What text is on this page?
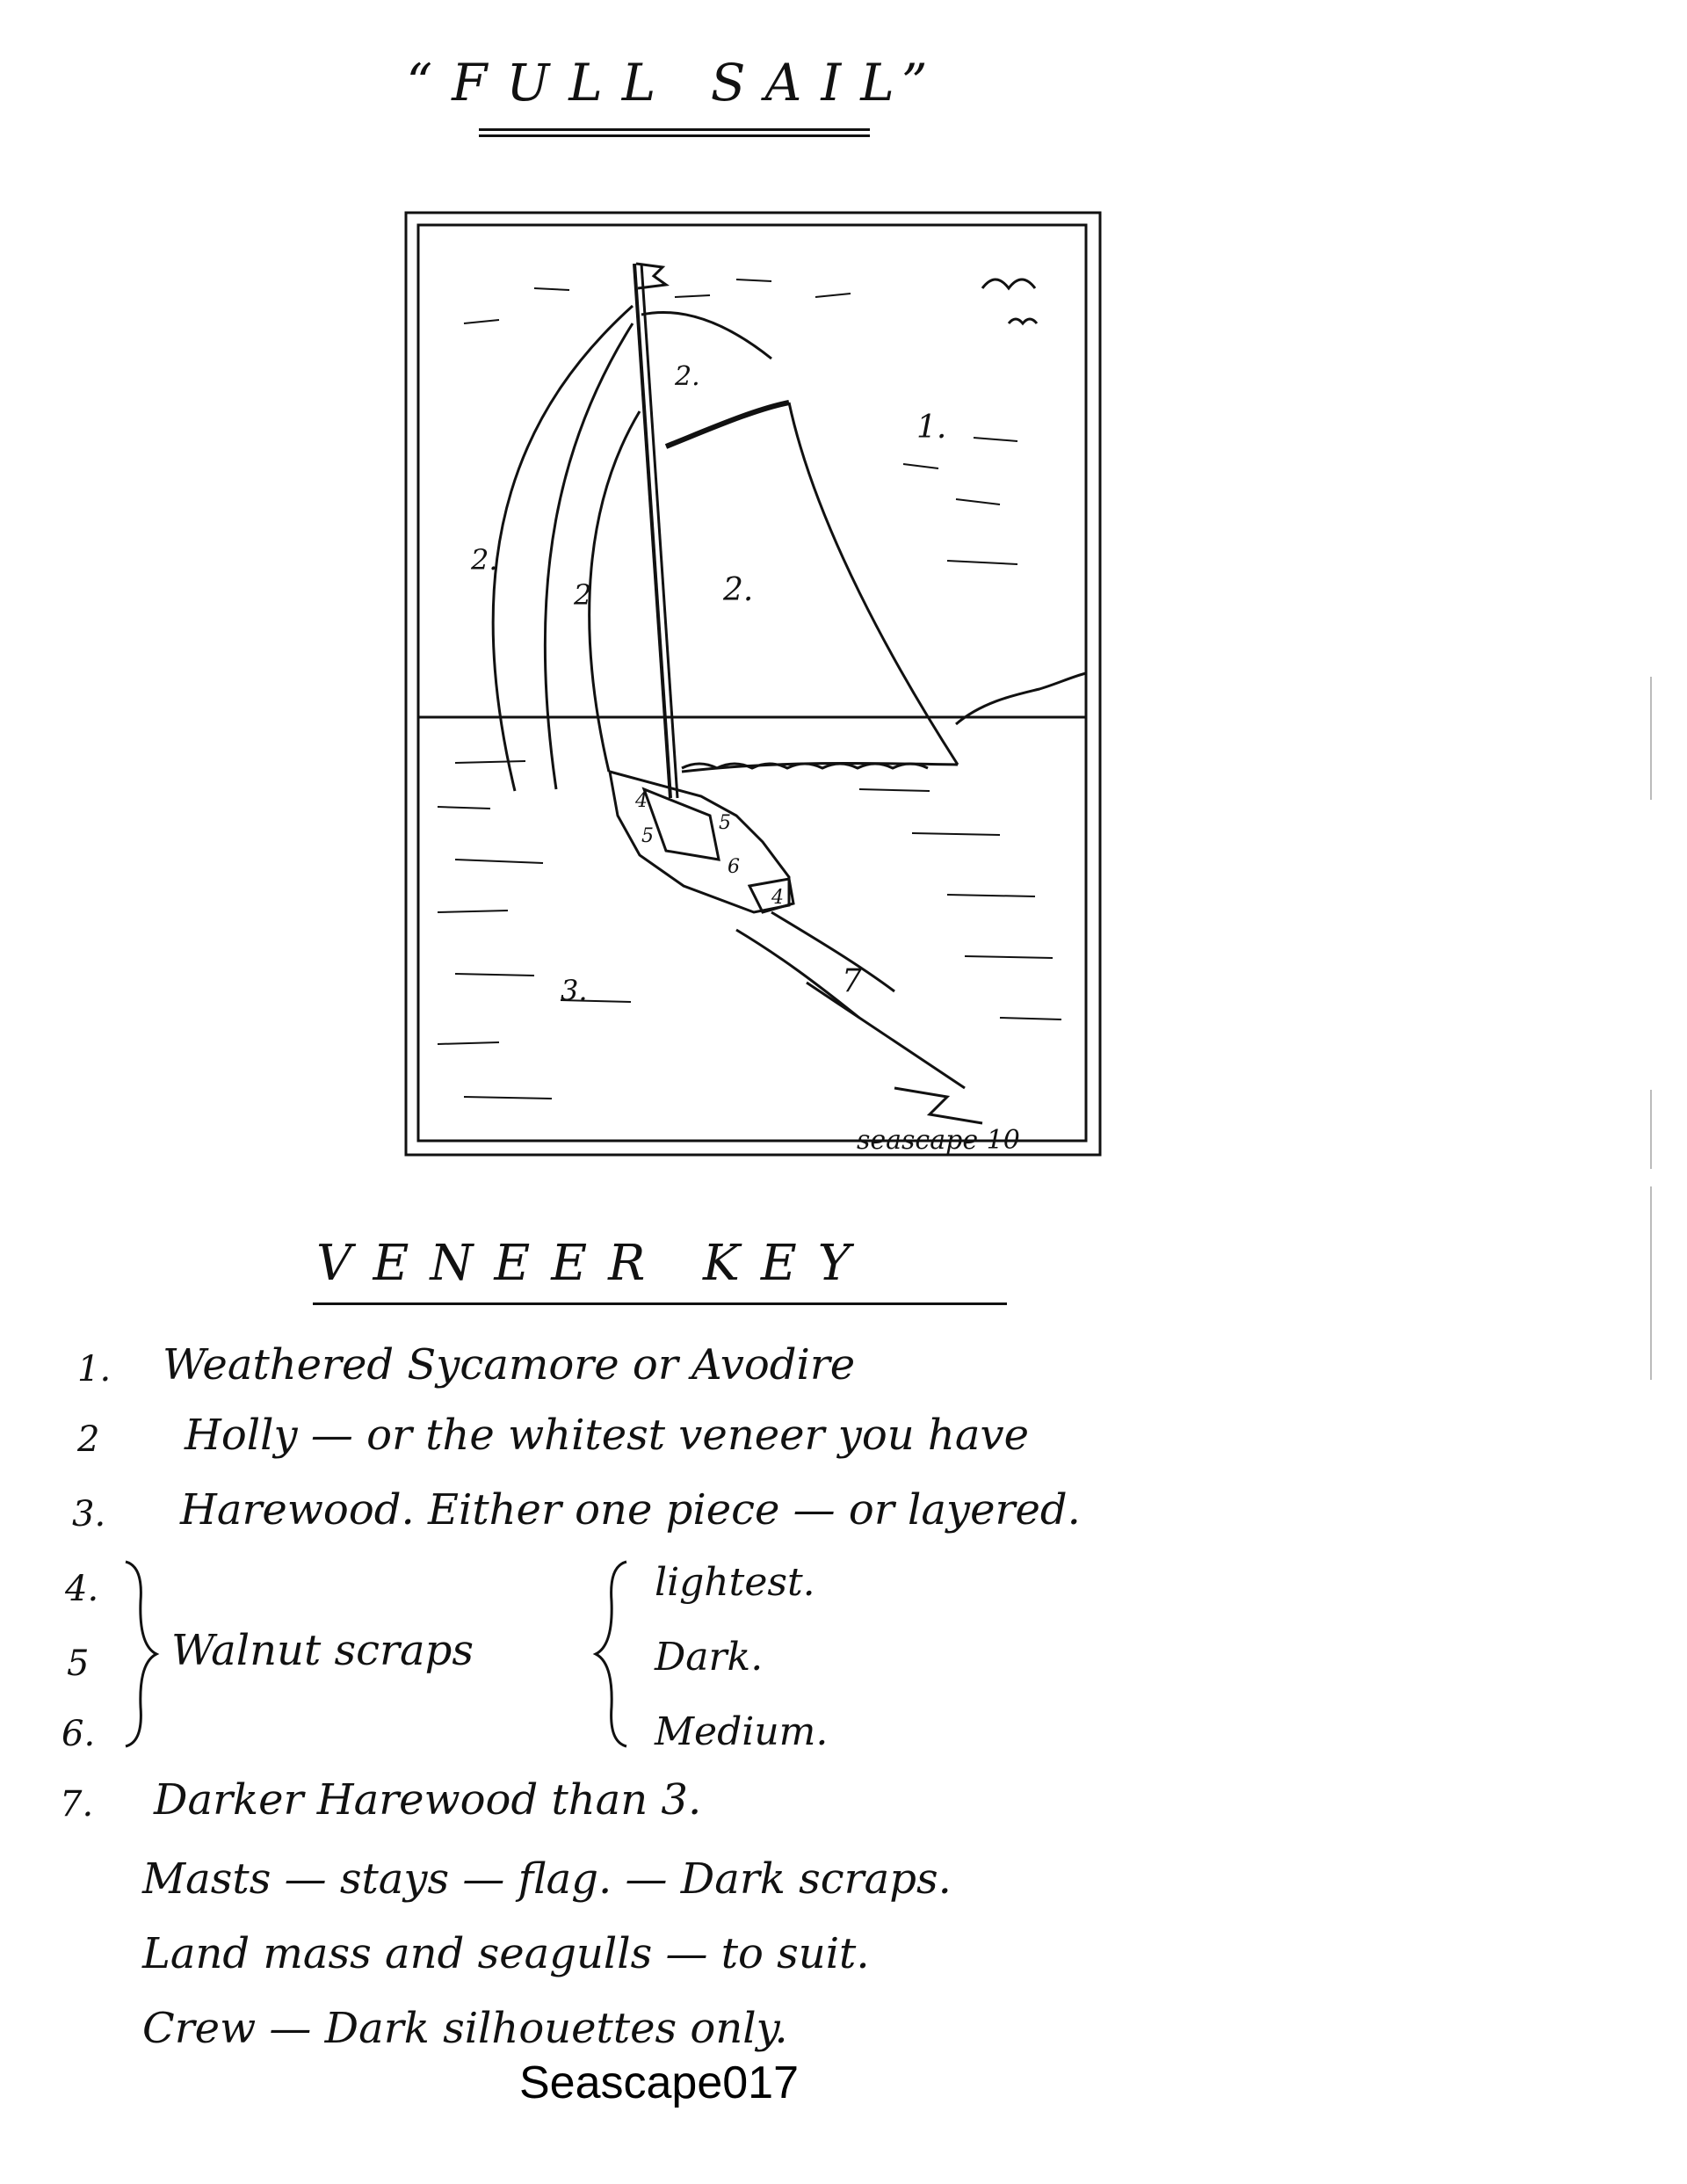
“FULL SAIL”
1.
2.
2.
2	2.
3.
4
5
5
6
4
7
seascape 10
VENEER KEY
1. Weathered Sycamore or Avodire
2 Holly — or the whitest veneer you have
3. Harewood. Either one piece — or layered.
4.
5
6.
Walnut scraps
lightest.
Dark.
Medium.
7. Darker Harewood than 3.
Masts — stays — flag. — Dark scraps.
Land mass and seagulls — to suit.
Crew — Dark silhouettes only.
Seascape017
